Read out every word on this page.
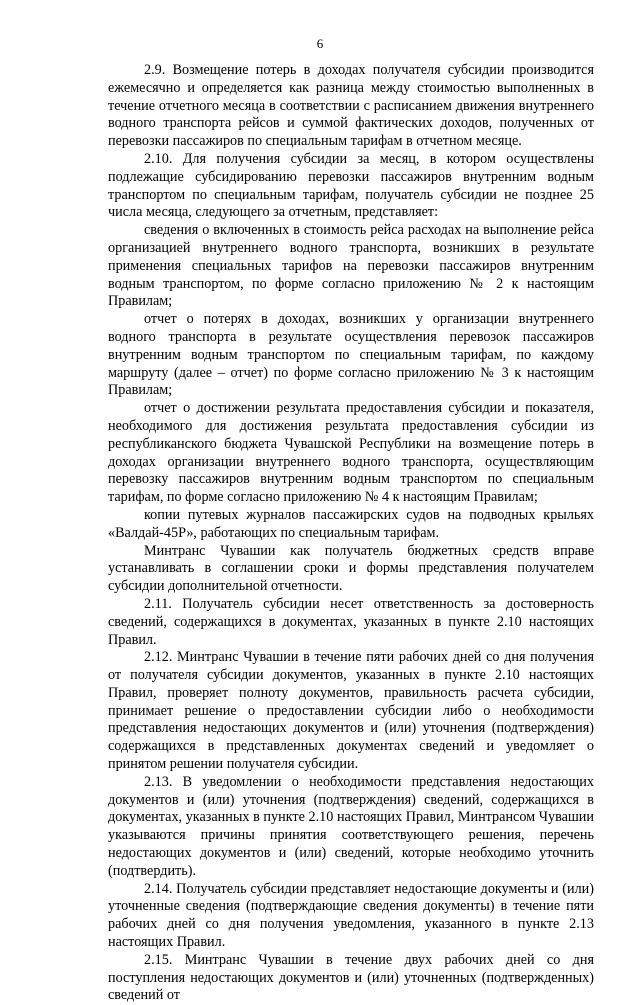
6

2.9. Возмещение потерь в доходах получателя субсидии производится ежемесячно и определяется как разница между стоимостью выполненных в течение отчетного месяца в соответствии с расписанием движения внутреннего водного транспорта рейсов и суммой фактических доходов, полученных от перевозки пассажиров по специальным тарифам в отчетном месяце.

2.10. Для получения субсидии за месяц, в котором осуществлены подлежащие субсидированию перевозки пассажиров внутренним водным транспортом по специальным тарифам, получатель субсидии не позднее 25 числа месяца, следующего за отчетным, представляет:

сведения о включенных в стоимость рейса расходах на выполнение рейса организацией внутреннего водного транспорта, возникших в результате применения специальных тарифов на перевозки пассажиров внутренним водным транспортом, по форме согласно приложению № 2 к настоящим Правилам;

отчет о потерях в доходах, возникших у организации внутреннего водного транспорта в результате осуществления перевозок пассажиров внутренним водным транспортом по специальным тарифам, по каждому маршруту (далее – отчет) по форме согласно приложению № 3 к настоящим Правилам;

отчет о достижении результата предоставления субсидии и показателя, необходимого для достижения результата предоставления субсидии из республиканского бюджета Чувашской Республики на возмещение потерь в доходах организации внутреннего водного транспорта, осуществляющим перевозку пассажиров внутренним водным транспортом по специальным тарифам, по форме согласно приложению № 4 к настоящим Правилам;

копии путевых журналов пассажирских судов на подводных крыльях «Валдай-45Р», работающих по специальным тарифам.

Минтранс Чувашии как получатель бюджетных средств вправе устанавливать в соглашении сроки и формы представления получателем субсидии дополнительной отчетности.

2.11. Получатель субсидии несет ответственность за достоверность сведений, содержащихся в документах, указанных в пункте 2.10 настоящих Правил.

2.12. Минтранс Чувашии в течение пяти рабочих дней со дня получения от получателя субсидии документов, указанных в пункте 2.10 настоящих Правил, проверяет полноту документов, правильность расчета субсидии, принимает решение о предоставлении субсидии либо о необходимости представления недостающих документов и (или) уточнения (подтверждения) содержащихся в представленных документах сведений и уведомляет о принятом решении получателя субсидии.

2.13. В уведомлении о необходимости представления недостающих документов и (или) уточнения (подтверждения) сведений, содержащихся в документах, указанных в пункте 2.10 настоящих Правил, Минтрансом Чувашии указываются причины принятия соответствующего решения, перечень недостающих документов и (или) сведений, которые необходимо уточнить (подтвердить).

2.14. Получатель субсидии представляет недостающие документы и (или) уточненные сведения (подтверждающие сведения документы) в течение пяти рабочих дней со дня получения уведомления, указанного в пункте 2.13 настоящих Правил.

2.15. Минтранс Чувашии в течение двух рабочих дней со дня поступления недостающих документов и (или) уточненных (подтвержденных) сведений от
